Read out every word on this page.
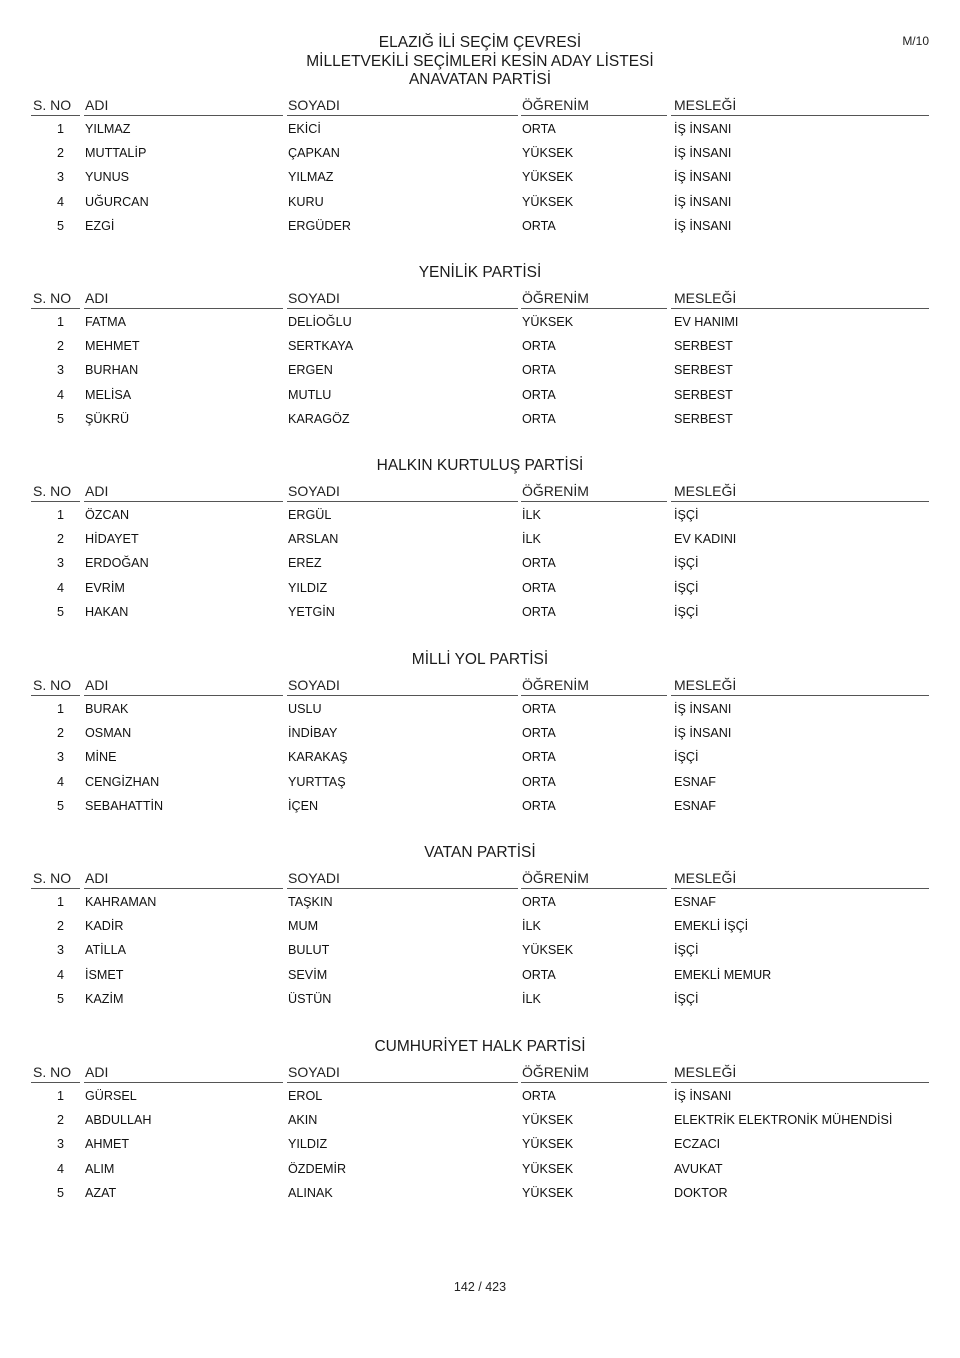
ELAZIĞ İLİ SEÇİM ÇEVRESİ
MİLLETVEKİLİ SEÇİMLERİ KESİN ADAY LİSTESİ
M/10
ANAVATAN PARTİSİ
S. NO ADI	SOYADI	ÖĞRENİM	MESLEĞİ
1 YILMAZ	EKİCİ	ORTA	İŞ İNSANI
2 MUTTALİP	ÇAPKAN	YÜKSEK	İŞ İNSANI
3 YUNUS	YILMAZ	YÜKSEK	İŞ İNSANI
4 UĞURCAN	KURU	YÜKSEK	İŞ İNSANI
5 EZGİ	ERGÜDER	ORTA	İŞ İNSANI
YENİLİK PARTİSİ
S. NO ADI	SOYADI	ÖĞRENİM	MESLEĞİ
1 FATMA	DELİOĞLU	YÜKSEK	EV HANIMI
2 MEHMET	SERTKAYA	ORTA	SERBEST
3 BURHAN	ERGEN	ORTA	SERBEST
4 MELİSA	MUTLU	ORTA	SERBEST
5 ŞÜKRÜ	KARAGÖZ	ORTA	SERBEST
HALKIN KURTULUŞ PARTİSİ
S. NO ADI	SOYADI	ÖĞRENİM	MESLEĞİ
1 ÖZCAN	ERGÜL	İLK	İŞÇİ
2 HİDAYET	ARSLAN	İLK	EV KADINI
3 ERDOĞAN	EREZ	ORTA	İŞÇİ
4 EVRİM	YILDIZ	ORTA	İŞÇİ
5 HAKAN	YETGİN	ORTA	İŞÇİ
MİLLİ YOL PARTİSİ
S. NO ADI	SOYADI	ÖĞRENİM	MESLEĞİ
1 BURAK	USLU	ORTA	İŞ İNSANI
2 OSMAN	İNDİBAY	ORTA	İŞ İNSANI
3 MİNE	KARAKAŞ	ORTA	İŞÇİ
4 CENGİZHAN	YURTTAŞ	ORTA	ESNAF
5 SEBAHATTİN	İÇEN	ORTA	ESNAF
VATAN PARTİSİ
S. NO ADI	SOYADI	ÖĞRENİM	MESLEĞİ
1 KAHRAMAN	TAŞKIN	ORTA	ESNAF
2 KADİR	MUM	İLK	EMEKLİ İŞÇİ
3 ATİLLA	BULUT	YÜKSEK	İŞÇİ
4 İSMET	SEVİM	ORTA	EMEKLİ MEMUR
5 KAZİM	ÜSTÜN	İLK	İŞÇİ
CUMHURİYET HALK PARTİSİ
S. NO ADI	SOYADI	ÖĞRENİM	MESLEĞİ
1 GÜRSEL	EROL	ORTA	İŞ İNSANI
2 ABDULLAH	AKIN	YÜKSEK	ELEKTRİK ELEKTRONİK MÜHENDİSİ
3 AHMET	YILDIZ	YÜKSEK	ECZACI
4 ALIM	ÖZDEMİR	YÜKSEK	AVUKAT
5 AZAT	ALINAK	YÜKSEK	DOKTOR
142 / 423
